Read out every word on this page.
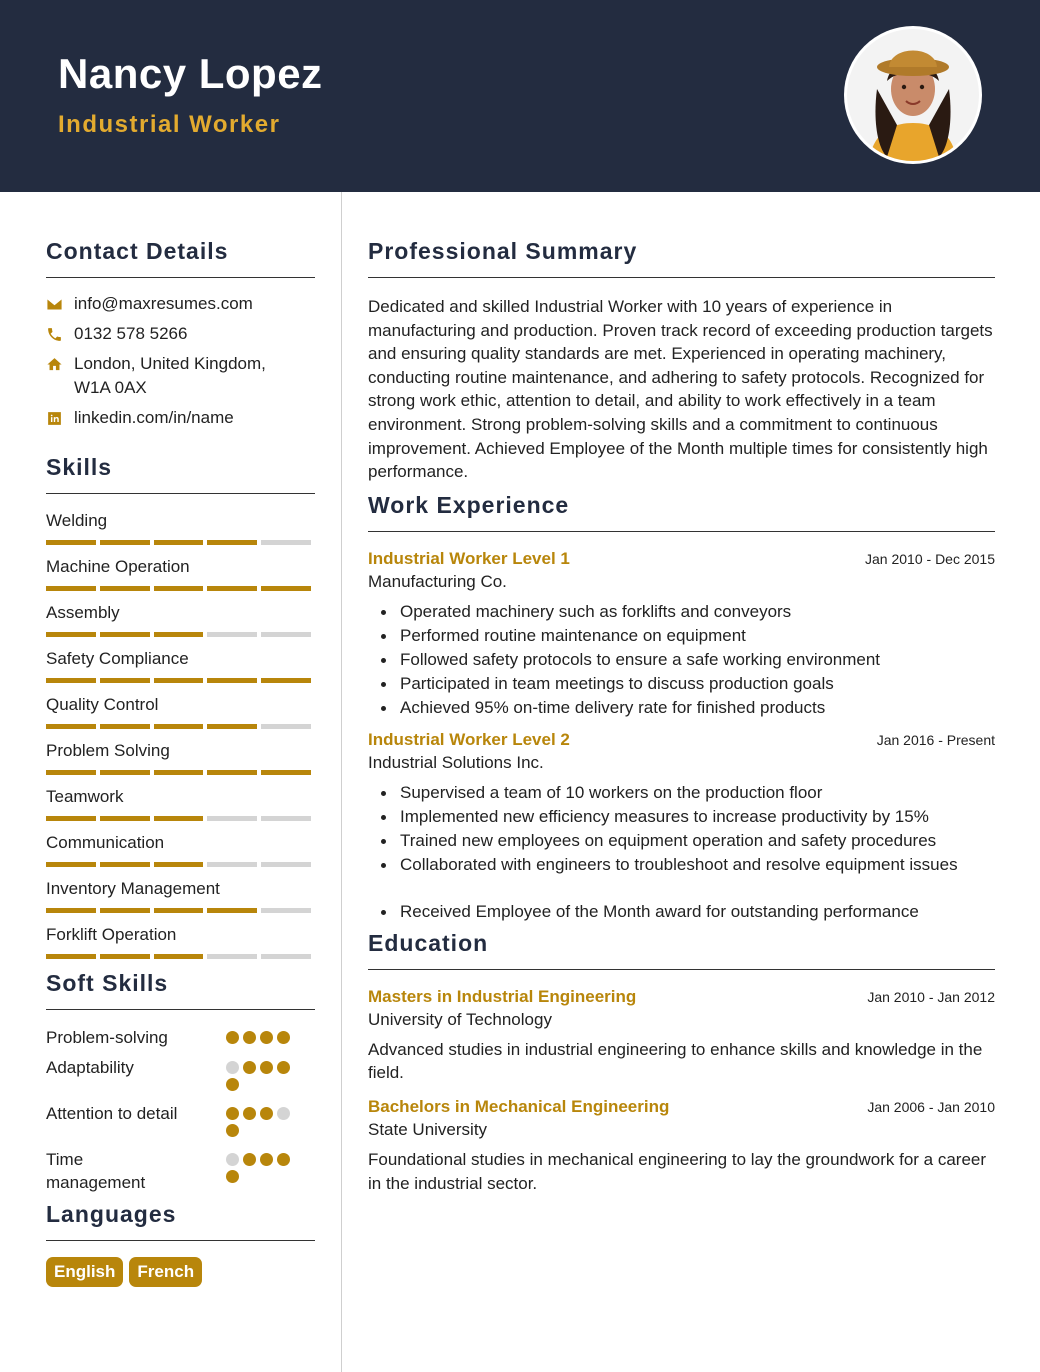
Nancy Lopez
Industrial Worker
Contact Details
info@maxresumes.com
0132 578 5266
London, United Kingdom, W1A 0AX
linkedin.com/in/name
Skills
Welding
Machine Operation
Assembly
Safety Compliance
Quality Control
Problem Solving
Teamwork
Communication
Inventory Management
Forklift Operation
Soft Skills
Problem-solving
Adaptability
Attention to detail
Time management
Languages
English	French
Professional Summary
Dedicated and skilled Industrial Worker with 10 years of experience in manufacturing and production. Proven track record of exceeding production targets and ensuring quality standards are met. Experienced in operating machinery, conducting routine maintenance, and adhering to safety protocols. Recognized for strong work ethic, attention to detail, and ability to work effectively in a team environment. Strong problem-solving skills and a commitment to continuous improvement. Achieved Employee of the Month multiple times for consistently high performance.
Work Experience
Industrial Worker Level 1	Jan 2010 - Dec 2015
Manufacturing Co.
Operated machinery such as forklifts and conveyors
Performed routine maintenance on equipment
Followed safety protocols to ensure a safe working environment
Participated in team meetings to discuss production goals
Achieved 95% on-time delivery rate for finished products
Industrial Worker Level 2	Jan 2016 - Present
Industrial Solutions Inc.
Supervised a team of 10 workers on the production floor
Implemented new efficiency measures to increase productivity by 15%
Trained new employees on equipment operation and safety procedures
Collaborated with engineers to troubleshoot and resolve equipment issues
Received Employee of the Month award for outstanding performance
Education
Masters in Industrial Engineering	Jan 2010 - Jan 2012
University of Technology
Advanced studies in industrial engineering to enhance skills and knowledge in the field.
Bachelors in Mechanical Engineering	Jan 2006 - Jan 2010
State University
Foundational studies in mechanical engineering to lay the groundwork for a career in the industrial sector.
